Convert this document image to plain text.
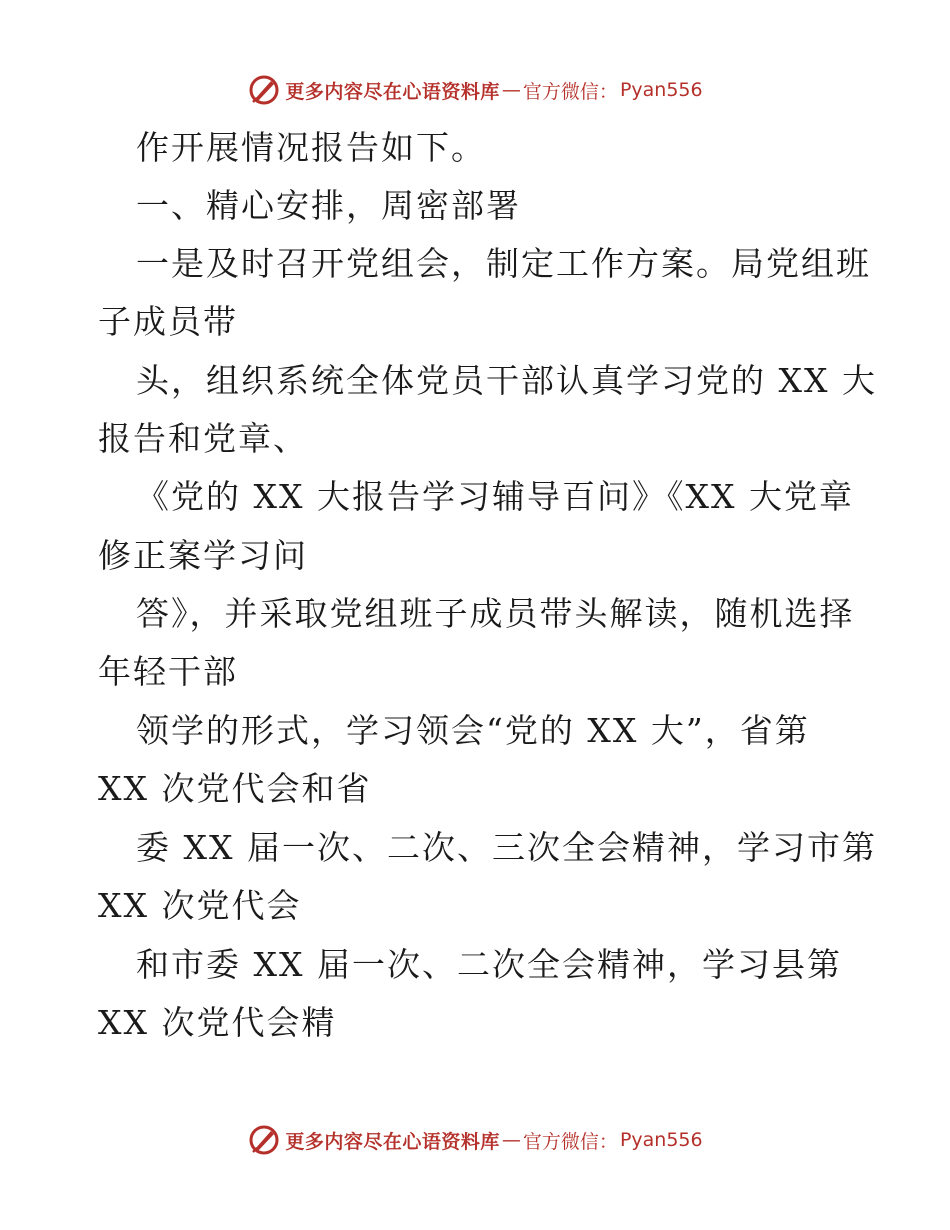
更多内容尽在心语资料库 — 官方微信： Pyan556
作开展情况报告如下。
一、精心安排，周密部署
一是及时召开党组会，制定工作方案。局党组班
子成员带
头，组织系统全体党员干部认真学习党的 XX 大
报告和党章、
《党的 XX 大报告学习辅导百问》《XX 大党章
修正案学习问
答》，并采取党组班子成员带头解读，随机选择
年轻干部
领学的形式，学习领会“党的 XX 大”，省第
XX 次党代会和省
委 XX 届一次、二次、三次全会精神，学习市第
XX 次党代会
和市委 XX 届一次、二次全会精神，学习县第
XX 次党代会精
更多内容尽在心语资料库 — 官方微信： Pyan556
